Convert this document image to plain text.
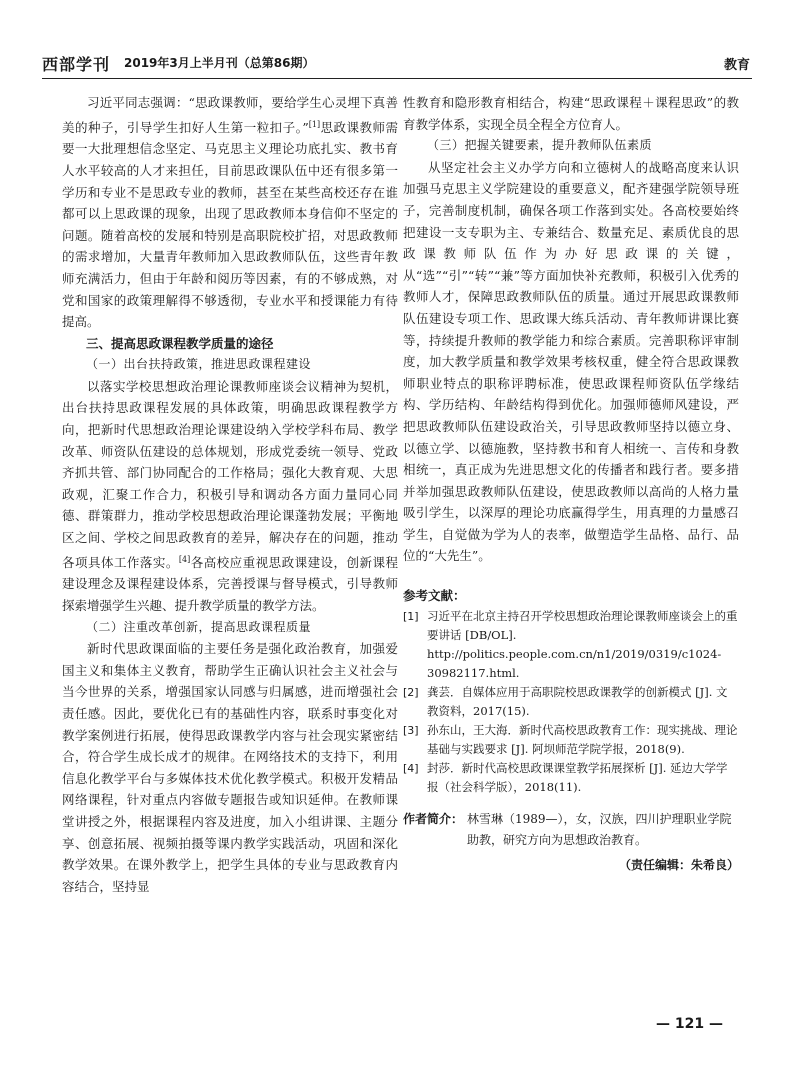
西部学刊 2019年3月上半月刊（总第86期）	教育

习近平同志强调：“思政课教师，要给学生心灵埋下真善美的种子，引导学生扣好人生第一粒扣子。”[1]思政课教师需要一大批理想信念坚定、马克思主义理论功底扎实、教书育人水平较高的人才来担任，目前思政课队伍中还有很多第一学历和专业不是思政专业的教师，甚至在某些高校还存在谁都可以上思政课的现象，出现了思政教师本身信仰不坚定的问题。随着高校的发展和特别是高职院校扩招，对思政教师的需求增加，大量青年教师加入思政教师队伍，这些青年教师充满活力，但由于年龄和阅历等因素，有的不够成熟，对党和国家的政策理解得不够透彻，专业水平和授课能力有待提高。

三、提高思政课程教学质量的途径

（一）出台扶持政策，推进思政课程建设

以落实学校思想政治理论课教师座谈会议精神为契机，出台扶持思政课程发展的具体政策，明确思政课程教学方向，把新时代思想政治理论课建设纳入学校学科布局、教学改革、师资队伍建设的总体规划，形成党委统一领导、党政齐抓共管、部门协同配合的工作格局；强化大教育观、大思政观，汇聚工作合力，积极引导和调动各方面力量同心同德、群策群力，推动学校思想政治理论课蓬勃发展；平衡地区之间、学校之间思政教育的差异，解决存在的问题，推动各项具体工作落实。[4]各高校应重视思政课建设，创新课程建设理念及课程建设体系，完善授课与督导模式，引导教师探索增强学生兴趣、提升教学质量的教学方法。

（二）注重改革创新，提高思政课程质量

新时代思政课面临的主要任务是强化政治教育，加强爱国主义和集体主义教育，帮助学生正确认识社会主义社会与当今世界的关系，增强国家认同感与归属感，进而增强社会责任感。因此，要优化已有的基础性内容，联系时事变化对教学案例进行拓展，使得思政课教学内容与社会现实紧密结合，符合学生成长成才的规律。在网络技术的支持下，利用信息化教学平台与多媒体技术优化教学模式。积极开发精品网络课程，针对重点内容做专题报告或知识延伸。在教师课堂讲授之外，根据课程内容及进度，加入小组讲课、主题分享、创意拓展、视频拍摄等课内教学实践活动，巩固和深化教学效果。在课外教学上，把学生具体的专业与思政教育内容结合，坚持显

性教育和隐形教育相结合，构建“思政课程＋课程思政”的教育教学体系，实现全员全程全方位育人。

（三）把握关键要素，提升教师队伍素质

从坚定社会主义办学方向和立德树人的战略高度来认识加强马克思主义学院建设的重要意义，配齐建强学院领导班子，完善制度机制，确保各项工作落到实处。各高校要始终把建设一支专职为主、专兼结合、数量充足、素质优良的思政课教师队伍作为办好思政课的关键，从“选”“引”“转”“兼”等方面加快补充教师，积极引入优秀的教师人才，保障思政教师队伍的质量。通过开展思政课教师队伍建设专项工作、思政课大练兵活动、青年教师讲课比赛等，持续提升教师的教学能力和综合素质。完善职称评审制度，加大教学质量和教学效果考核权重，健全符合思政课教师职业特点的职称评聘标准，使思政课程师资队伍学缘结构、学历结构、年龄结构得到优化。加强师德师风建设，严把思政教师队伍建设政治关，引导思政教师坚持以德立身、以德立学、以德施教，坚持教书和育人相统一、言传和身教相统一，真正成为先进思想文化的传播者和践行者。要多措并举加强思政教师队伍建设，使思政教师以高尚的人格力量吸引学生，以深厚的理论功底赢得学生，用真理的力量感召学生，自觉做为学为人的表率，做塑造学生品格、品行、品位的“大先生”。

参考文献：
[1] 习近平在北京主持召开学校思想政治理论课教师座谈会上的重要讲话 [DB/OL]. http://politics.people.com.cn/n1/2019/0319/c1024-30982117.html.
[2] 龚芸．自媒体应用于高职院校思政课教学的创新模式 [J]. 文教资料，2017(15).
[3] 孙东山，王大海．新时代高校思政教育工作：现实挑战、理论基础与实践要求 [J]. 阿坝师范学院学报，2018(9).
[4] 封莎．新时代高校思政课课堂教学拓展探析 [J]. 延边大学学报（社会科学版），2018(11).
作者简介： 林雪琳（1989—），女，汉族，四川护理职业学院助教，研究方向为思想政治教育。
（责任编辑：朱希良）
— 121 —
